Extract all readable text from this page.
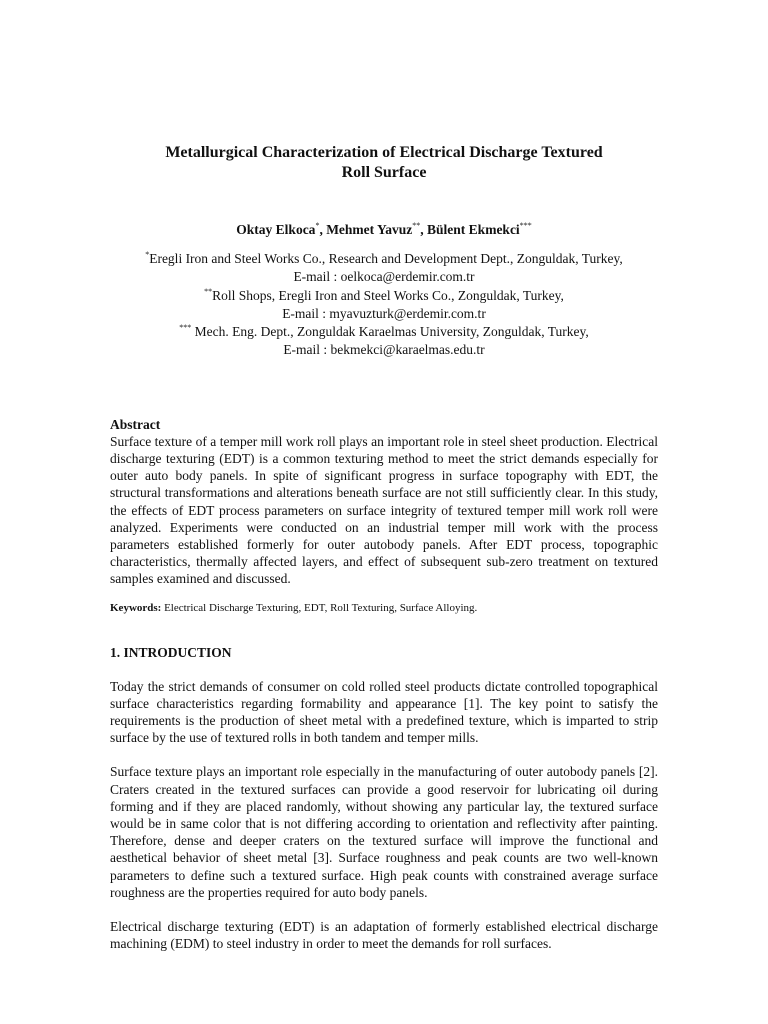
Metallurgical Characterization of Electrical Discharge Textured
Roll Surface
Oktay Elkoca*, Mehmet Yavuz**, Bülent Ekmekci***
*Eregli Iron and Steel Works Co., Research and Development Dept., Zonguldak, Turkey,
E-mail : oelkoca@erdemir.com.tr
**Roll Shops, Eregli Iron and Steel Works Co., Zonguldak, Turkey,
E-mail : myavuzturk@erdemir.com.tr
*** Mech. Eng. Dept., Zonguldak Karaelmas University, Zonguldak, Turkey,
E-mail : bekmekci@karaelmas.edu.tr
Abstract

Surface texture of a temper mill work roll plays an important role in steel sheet production. Electrical discharge texturing (EDT) is a common texturing method to meet the strict demands especially for outer auto body panels. In spite of significant progress in surface topography with EDT, the structural transformations and alterations beneath surface are not still sufficiently clear. In this study, the effects of EDT process parameters on surface integrity of textured temper mill work roll were analyzed. Experiments were conducted on an industrial temper mill work with the process parameters established formerly for outer autobody panels. After EDT process, topographic characteristics, thermally affected layers, and effect of subsequent sub-zero treatment on textured samples examined and discussed.

Keywords: Electrical Discharge Texturing, EDT, Roll Texturing, Surface Alloying.

1. INTRODUCTION

Today the strict demands of consumer on cold rolled steel products dictate controlled topographical surface characteristics regarding formability and appearance [1]. The key point to satisfy the requirements is the production of sheet metal with a predefined texture, which is imparted to strip surface by the use of textured rolls in both tandem and temper mills.

Surface texture plays an important role especially in the manufacturing of outer autobody panels [2]. Craters created in the textured surfaces can provide a good reservoir for lubricating oil during forming and if they are placed randomly, without showing any particular lay, the textured surface would be in same color that is not differing according to orientation and reflectivity after painting. Therefore, dense and deeper craters on the textured surface will improve the functional and aesthetical behavior of sheet metal [3]. Surface roughness and peak counts are two well-known parameters to define such a textured surface. High peak counts with constrained average surface roughness are the properties required for auto body panels.

Electrical discharge texturing (EDT) is an adaptation of formerly established electrical discharge machining (EDM) to steel industry in order to meet the demands for roll surfaces.
